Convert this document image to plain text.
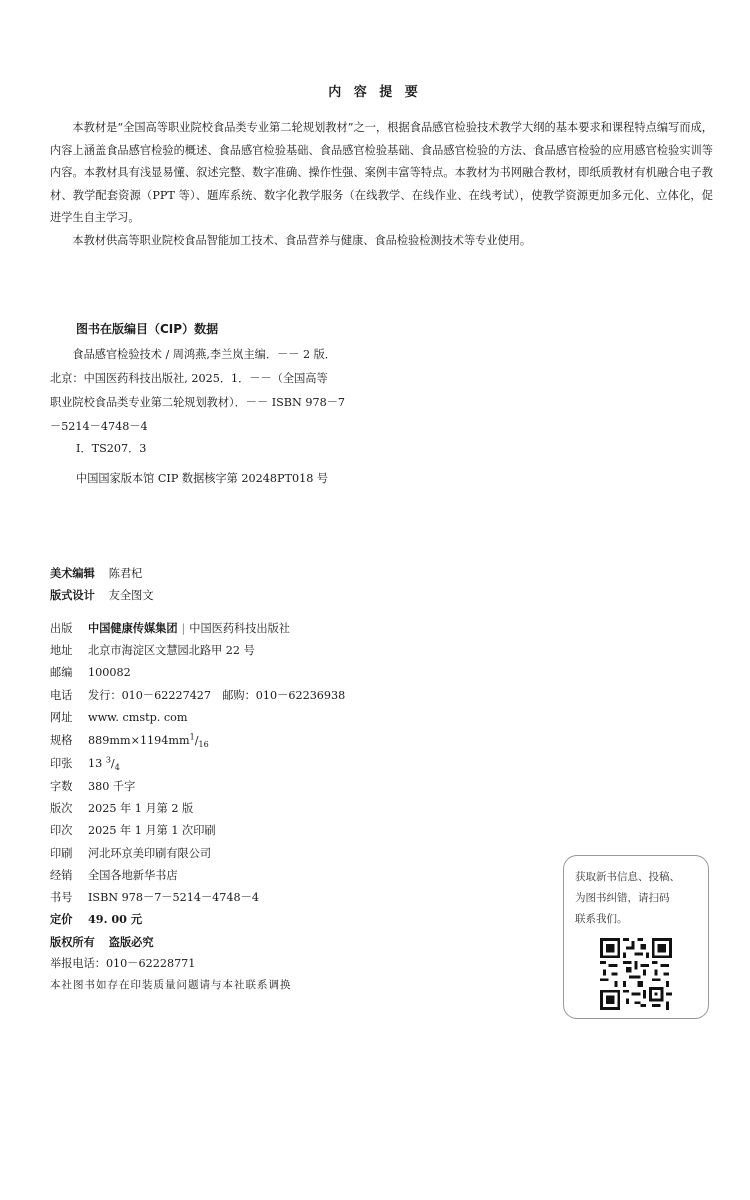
内 容 提 要

本教材是“全国高等职业院校食品类专业第二轮规划教材”之一，根据食品感官检验技术教学大纲的基本要求和课程特点编写而成，内容上涵盖食品感官检验的概述、食品感官检验基础、食品感官检验基础、食品感官检验的方法、食品感官检验的应用感官检验实训等内容。本教材具有浅显易懂、叙述完整、数字准确、操作性强、案例丰富等特点。本教材为书网融合教材，即纸质教材有机融合电子教材、教学配套资源（PPT 等）、题库系统、数字化教学服务（在线教学、在线作业、在线考试），使教学资源更加多元化、立体化，促进学生自主学习。

本教材供高等职业院校食品智能加工技术、食品营养与健康、食品检验检测技术等专业使用。

图书在版编目（CIP）数据
食品感官检验技术 / 周鸿燕,李兰岚主编．－－ 2 版．
北京：中国医药科技出版社, 2025．1．－－（全国高等
职业院校食品类专业第二轮规划教材）．－－ ISBN 978－7
－5214－4748－4
Ⅰ．TS207．3
中国国家版本馆 CIP 数据核字第 20248PT018 号
美术编辑 陈君杞
版式设计 友全图文
出版 中国健康传媒集团 | 中国医药科技出版社
地址 北京市海淀区文慧园北路甲 22 号
邮编 100082
电话 发行：010－62227427　邮购：010－62236938
网址 www. cmstp. com
规格 $889mm\times 1194mm^1/_{16}$
印张 13 $^3/_4$
字数 380 千字
版次 2025 年 1 月第 2 版
印次 2025 年 1 月第 1 次印刷
印刷 河北环京美印刷有限公司
经销 全国各地新华书店
书号 ISBN 978－7－5214－4748－4
定价 49. 00 元
版权所有 盗版必究
举报电话：010－62228771
本社图书如存在印装质量问题请与本社联系调换
获取新书信息、投稿、
为图书纠错，请扫码
联系我们。
